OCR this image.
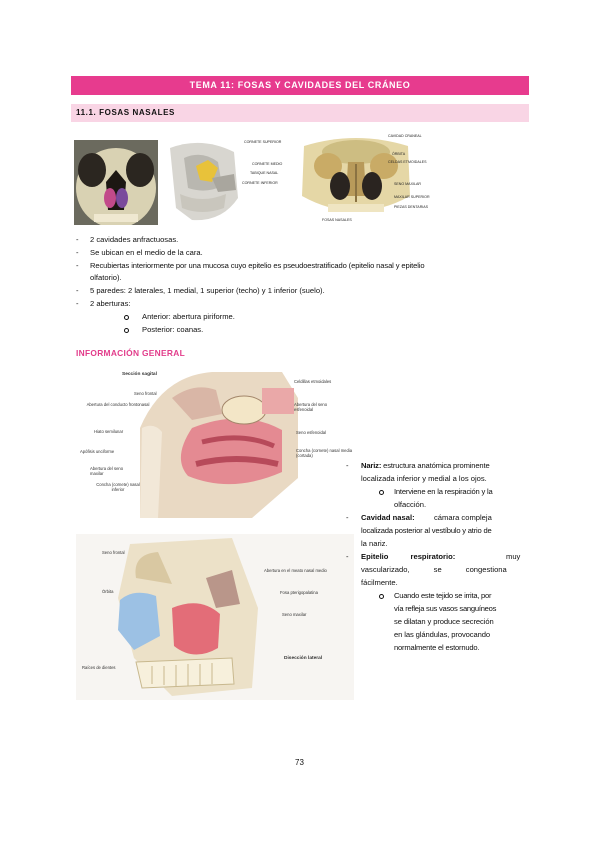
TEMA 11: FOSAS Y CAVIDADES DEL CRÁNEO
11.1. FOSAS NASALES
CORNETE SUPERIOR
CORNETE MEDIO
TABIQUE NASAL
CORNETE INFERIOR
CAVIDAD CRANEAL
ÓRBITA
CELDAS ETMOIDALES
SENO MAXILAR
MAXILAR SUPERIOR
PIEZAS DENTARIAS
FOSAS NASALES
- 2 cavidades anfractuosas.
- Se ubican en el medio de la cara.
- Recubiertas interiormente por una mucosa cuyo epitelio es pseudoestratificado (epitelio nasal y epitelio
olfatorio).
- 5 paredes: 2 laterales, 1 medial, 1 superior (techo) y 1 inferior (suelo).
- 2 aberturas:
Anterior: abertura piriforme.
Posterior: coanas.
INFORMACIÓN GENERAL
Sección sagital
Seno frontal
Abertura del conducto frontonasal
Hiato semilunar
Apófisis unciforme
Abertura del seno maxilar
Concha (cornete) nasal inferior
Celdillas etmoidales
Abertura del seno esfenoidal
Seno esfenoidal
Concha (cornete) nasal media (cortada)
Seno frontal
Abertura en el meato nasal medio
Órbita	Fosa pterigopalatina
Seno maxilar
Raíces de dientes
Disección lateral
- Nariz: estructura anatómica prominente
localizada inferior y medial a los ojos.
Interviene en la respiración y la
olfacción.
- Cavidad nasal:	cámara compleja
localizada posterior al vestíbulo y atrio de
la nariz.
- Epitelio respiratorio:	muy
vascularizado, se congestiona
fácilmente.
Cuando este tejido se irrita, por
vía refleja sus vasos sanguíneos
se dilatan y produce secreción
en las glándulas, provocando
normalmente el estornudo.
73
